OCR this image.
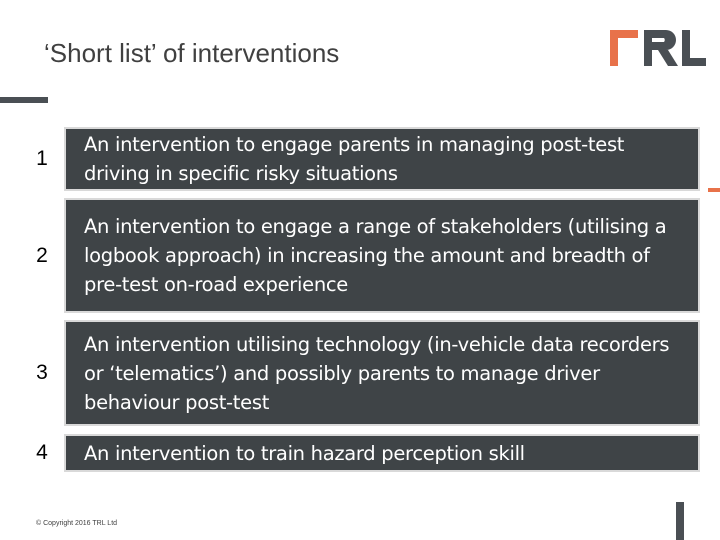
‘Short list’ of interventions
1
An intervention to engage parents in managing post-test driving in specific risky situations
2
An intervention to engage a range of stakeholders (utilising a logbook approach) in increasing the amount and breadth of pre-test on-road experience
3
An intervention utilising technology (in-vehicle data recorders or ‘telematics’) and possibly parents to manage driver behaviour post-test
4	An intervention to train hazard perception skill
© Copyright 2016 TRL Ltd
